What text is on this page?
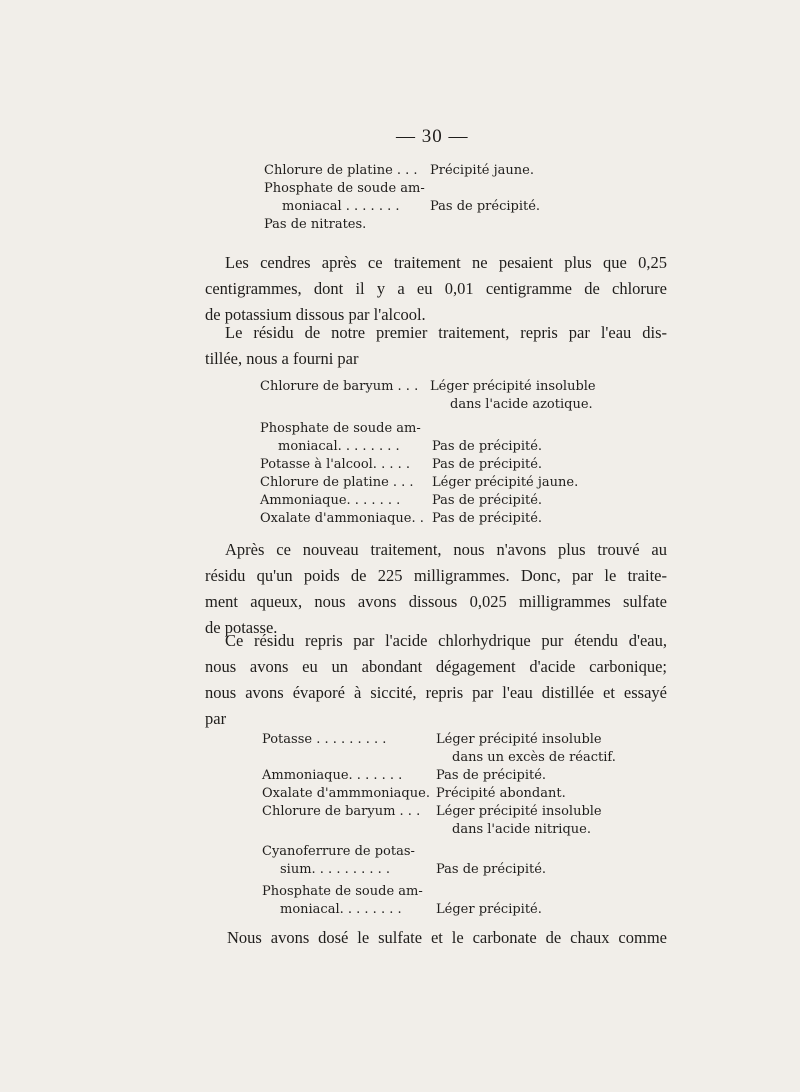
— 30 —
Chlorure de platine . . . Précipité jaune.
Phosphate de soude am-
moniacal . . . . . . . Pas de précipité.
Pas de nitrates.
Les cendres après ce traitement ne pesaient plus que 0,25
centigrammes, dont il y a eu 0,01 centigramme de chlorure
de potassium dissous par l'alcool.
Le résidu de notre premier traitement, repris par l'eau dis-
tillée, nous a fourni par
Chlorure de baryum . . . Léger précipité insoluble
dans l'acide azotique.
Phosphate de soude am-
moniacal. . . . . . . . Pas de précipité.
Potasse à l'alcool. . . . . Pas de précipité.
Chlorure de platine . . . Léger précipité jaune.
Ammoniaque. . . . . . . Pas de précipité.
Oxalate d'ammoniaque. . Pas de précipité.
Après ce nouveau traitement, nous n'avons plus trouvé au
résidu qu'un poids de 225 milligrammes. Donc, par le traite-
ment aqueux, nous avons dissous 0,025 milligrammes sulfate
de potasse.
Ce résidu repris par l'acide chlorhydrique pur étendu d'eau,
nous avons eu un abondant dégagement d'acide carbonique;
nous avons évaporé à siccité, repris par l'eau distillée et essayé
par
Potasse . . . . . . . . .	Léger précipité insoluble
dans un excès de réactif.
Ammoniaque. . . . . . .	Pas de précipité.
Oxalate d'ammmoniaque. Précipité abondant.
Chlorure de baryum . . . Léger précipité insoluble
dans l'acide nitrique.
Cyanoferrure de potas-
sium. . . . . . . . . .	Pas de précipité.
Phosphate de soude am-
moniacal. . . . . . . .	Léger précipité.
Nous avons dosé le sulfate et le carbonate de chaux comme
